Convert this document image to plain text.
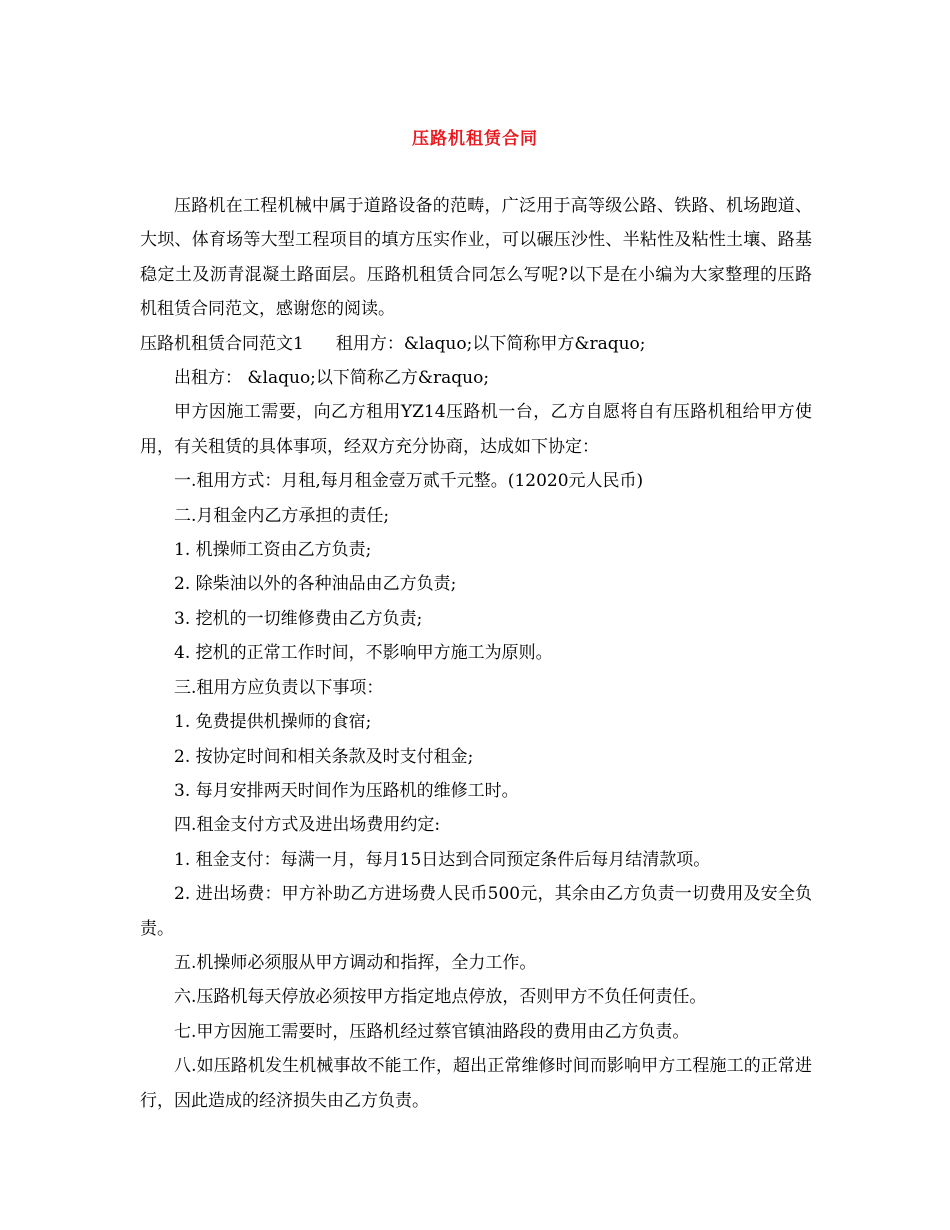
压路机租赁合同

压路机在工程机械中属于道路设备的范畴，广泛用于高等级公路、铁路、机场跑道、大坝、体育场等大型工程项目的填方压实作业，可以碾压沙性、半粘性及粘性土壤、路基稳定土及沥青混凝土路面层。压路机租赁合同怎么写呢?以下是在小编为大家整理的压路机租赁合同范文，感谢您的阅读。

压路机租赁合同范文1 租用方：&laquo;以下简称甲方&raquo;

出租方： &laquo;以下简称乙方&raquo;

甲方因施工需要，向乙方租用YZ14压路机一台，乙方自愿将自有压路机租给甲方使用，有关租赁的具体事项，经双方充分协商，达成如下协定：

一.租用方式：月租,每月租金壹万贰千元整。(12020元人民币)

二.月租金内乙方承担的责任;

1. 机操师工资由乙方负责;

2. 除柴油以外的各种油品由乙方负责;

3. 挖机的一切维修费由乙方负责;

4. 挖机的正常工作时间，不影响甲方施工为原则。

三.租用方应负责以下事项：

1. 免费提供机操师的食宿;

2. 按协定时间和相关条款及时支付租金;

3. 每月安排两天时间作为压路机的维修工时。

四.租金支付方式及进出场费用约定:

1. 租金支付：每满一月，每月15日达到合同预定条件后每月结清款项。

2. 进出场费：甲方补助乙方进场费人民币500元，其余由乙方负责一切费用及安全负责。

五.机操师必须服从甲方调动和指挥，全力工作。

六.压路机每天停放必须按甲方指定地点停放，否则甲方不负任何责任。

七.甲方因施工需要时，压路机经过蔡官镇油路段的费用由乙方负责。

八.如压路机发生机械事故不能工作，超出正常维修时间而影响甲方工程施工的正常进行，因此造成的经济损失由乙方负责。
